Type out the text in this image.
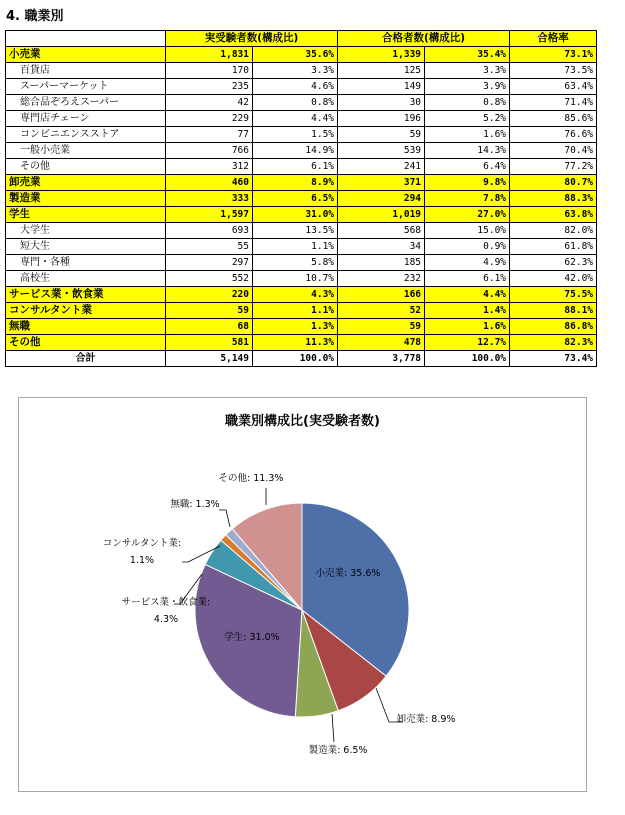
4. 職業別
	実受験者数(構成比)		合格者数(構成比)		合格率
小売業	1,831	35.6%	1,339	35.4%	73.1%
百貨店	170	3.3%	125	3.3%	73.5%
スーパーマーケット	235	4.6%	149	3.9%	63.4%
総合品ぞろえスーパー	42	0.8%	30	0.8%	71.4%
専門店チェーン	229	4.4%	196	5.2%	85.6%
コンビニエンスストア	77	1.5%	59	1.6%	76.6%
一般小売業	766	14.9%	539	14.3%	70.4%
その他	312	6.1%	241	6.4%	77.2%
卸売業	460	8.9%	371	9.8%	80.7%
製造業	333	6.5%	294	7.8%	88.3%
学生	1,597	31.0%	1,019	27.0%	63.8%
大学生	693	13.5%	568	15.0%	82.0%
短大生	55	1.1%	34	0.9%	61.8%
専門・各種	297	5.8%	185	4.9%	62.3%
高校生	552	10.7%	232	6.1%	42.0%
サービス業・飲食業	220	4.3%	166	4.4%	75.5%
コンサルタント業	59	1.1%	52	1.4%	88.1%
無職	68	1.3%	59	1.6%	86.8%
その他	581	11.3%	478	12.7%	82.3%
合計	5,149	100.0%	3,778	100.0%	73.4%
小売業: 35.6%
卸売業: 8.9%
製造業: 6.5%
学生: 31.0%
サービス業・飲食業: 4.3%
コンサルタント業: 1.1%
無職: 1.3%
その他: 11.3%
職業別構成比(実受験者数)
